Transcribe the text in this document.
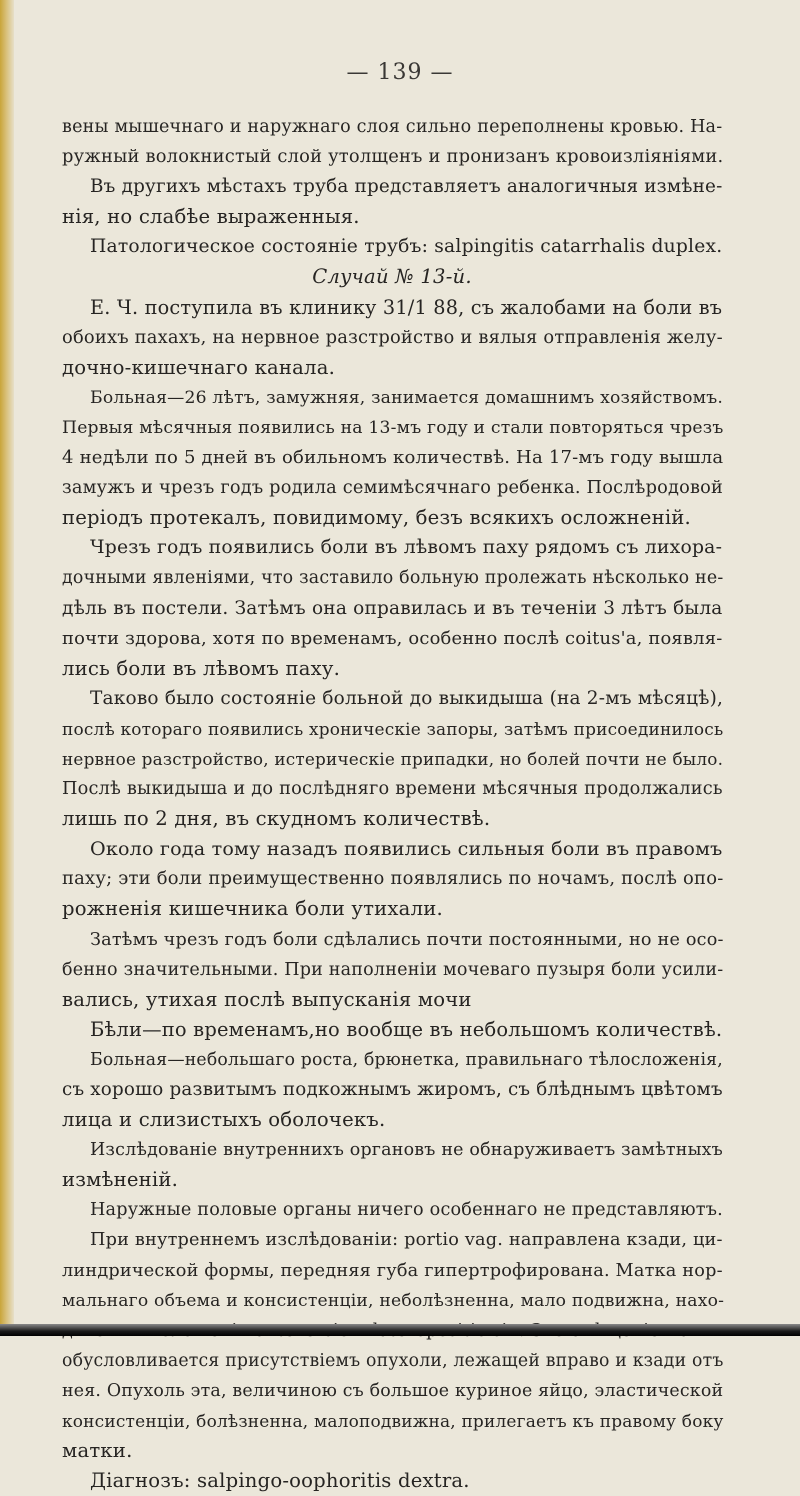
— 139 —
вены мышечнаго и наружнаго слоя сильно переполнены кровью. На-
ружный волокнистый слой утолщенъ и пронизанъ кровоизліяніями.
Въ другихъ мѣстахъ труба представляетъ аналогичныя измѣне-
нія, но слабѣе выраженныя.
Патологическое состояніе трубъ: salpingitis catarrhalis duplex.
Случай № 13-й.
Е. Ч. поступила въ клинику 31/1 88, съ жалобами на боли въ
обоихъ пахахъ, на нервное разстройство и вялыя отправленія желу-
дочно-кишечнаго канала.
Больная—26 лѣтъ, замужняя, занимается домашнимъ хозяйствомъ.
Первыя мѣсячныя появились на 13-мъ году и стали повторяться чрезъ
4 недѣли по 5 дней въ обильномъ количествѣ. На 17-мъ году вышла
замужъ и чрезъ годъ родила семимѣсячнаго ребенка. Послѣродовой
періодъ протекалъ, повидимому, безъ всякихъ осложненій.
Чрезъ годъ появились боли въ лѣвомъ паху рядомъ съ лихора-
дочными явленіями, что заставило больную пролежать нѣсколько не-
дѣль въ постели. Затѣмъ она оправилась и въ теченіи 3 лѣтъ была
почти здорова, хотя по временамъ, особенно послѣ coitus'а, появля-
лись боли въ лѣвомъ паху.
Таково было состояніе больной до выкидыша (на 2-мъ мѣсяцѣ),
послѣ котораго появились хроническіе запоры, затѣмъ присоединилось
нервное разстройство, истерическіе припадки, но болей почти не было.
Послѣ выкидыша и до послѣдняго времени мѣсячныя продолжались
лишь по 2 дня, въ скудномъ количествѣ.
Около года тому назадъ появились сильныя боли въ правомъ
паху; эти боли преимущественно появлялись по ночамъ, послѣ опо-
рожненія кишечника боли утихали.
Затѣмъ чрезъ годъ боли сдѣлались почти постоянными, но не осо-
бенно значительными. При наполненіи мочеваго пузыря боли усили-
вались, утихая послѣ выпусканія мочи
Бѣли—по временамъ,но вообще въ небольшомъ количествѣ.
Больная—небольшаго роста, брюнетка, правильнаго тѣлосложенія,
съ хорошо развитымъ подкожнымъ жиромъ, съ блѣднымъ цвѣтомъ
лица и слизистыхъ оболочекъ.
Изслѣдованіе внутреннихъ органовъ не обнаруживаетъ замѣтныхъ
измѣненій.
Наружные половые органы ничего особеннаго не представляютъ.
При внутреннемъ изслѣдованіи: portio vag. направлена кзади, ци-
линдрической формы, передняя губа гипертрофирована. Матка нор-
мальнаго объема и консистенціи, неболѣзненна, мало подвижна, нахо-
обусловливается присутствіемъ опухоли, лежащей вправо и кзади отъ
нея. Опухоль эта, величиною съ большое куриное яйцо, эластической
консистенціи, болѣзненна, малоподвижна, прилегаетъ къ правому боку
матки.
Діагнозъ: salpingo-oophoritis dextra.
